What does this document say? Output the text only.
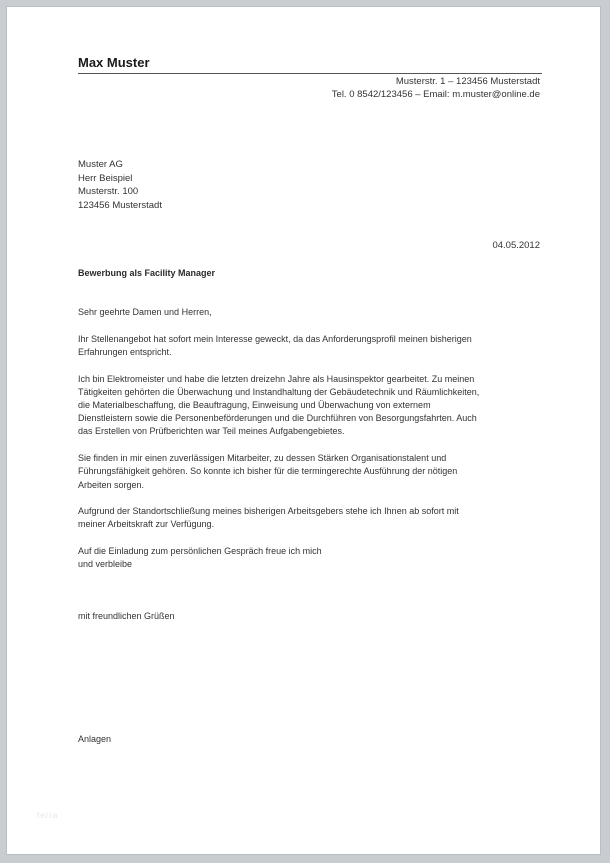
Max Muster
Musterstr. 1 – 123456 Musterstadt
Tel. 0 8542/123456 – Email: m.muster@online.de
Muster AG
Herr Beispiel
Musterstr. 100
123456 Musterstadt
04.05.2012
Bewerbung als Facility Manager

Sehr geehrte Damen und Herren,

Ihr Stellenangebot hat sofort mein Interesse geweckt, da das Anforderungsprofil meinen bisherigen
Erfahrungen entspricht.

Ich bin Elektromeister und habe die letzten dreizehn Jahre als Hausinspektor gearbeitet. Zu meinen
Tätigkeiten gehörten die Überwachung und Instandhaltung der Gebäudetechnik und Räumlichkeiten,
die Materialbeschaffung, die Beauftragung, Einweisung und Überwachung von externem
Dienstleistern sowie die Personenbeförderungen und die Durchführen von Besorgungsfahrten. Auch
das Erstellen von Prüfberichten war Teil meines Aufgabengebietes.

Sie finden in mir einen zuverlässigen Mitarbeiter, zu dessen Stärken Organisationstalent und
Führungsfähigkeit gehören. So konnte ich bisher für die termingerechte Ausführung der nötigen
Arbeiten sorgen.

Aufgrund der Standortschließung meines bisherigen Arbeitsgebers stehe ich Ihnen ab sofort mit
meiner Arbeitskraft zur Verfügung.

Auf die Einladung zum persönlichen Gespräch freue ich mich
und verbleibe

mit freundlichen Grüßen
Anlagen
ferra
